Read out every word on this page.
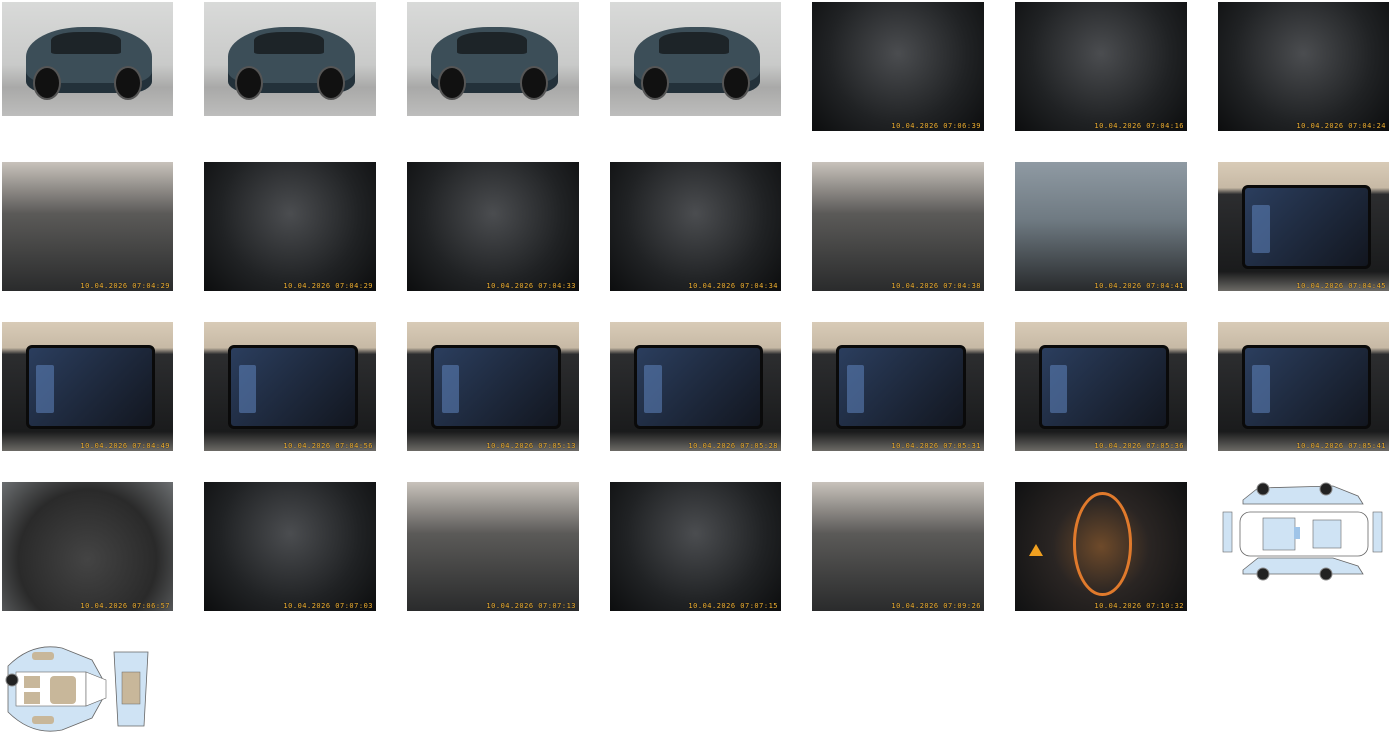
10.04.2026 07:06:39	10.04.2026 07:04:16	10.04.2026 07:04:24
10.04.2026 07:04:29	10.04.2026 07:04:29	10.04.2026 07:04:33	10.04.2026 07:04:34	10.04.2026 07:04:38	10.04.2026 07:04:41	10.04.2026 07:04:45
10.04.2026 07:04:49	10.04.2026 07:04:56	10.04.2026 07:05:13	10.04.2026 07:05:28	10.04.2026 07:05:31	10.04.2026 07:05:36	10.04.2026 07:05:41
10.04.2026 07:06:57	10.04.2026 07:07:03	10.04.2026 07:07:13	10.04.2026 07:07:15	10.04.2026 07:09:26	10.04.2026 07:10:32
